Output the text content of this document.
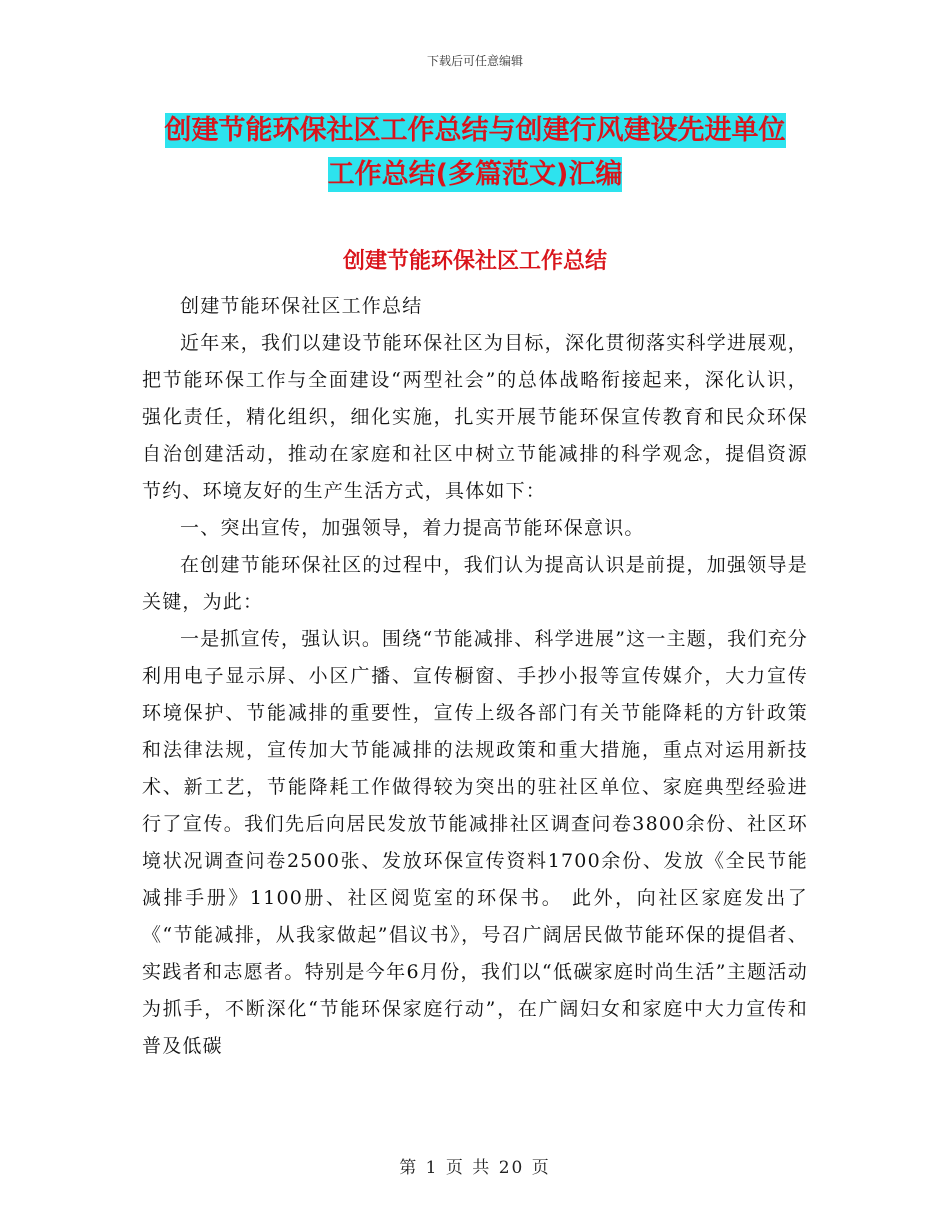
下载后可任意编辑
创建节能环保社区工作总结与创建行风建设先进单位
工作总结(多篇范文)汇编
创建节能环保社区工作总结

创建节能环保社区工作总结

近年来，我们以建设节能环保社区为目标，深化贯彻落实科学进展观，把节能环保工作与全面建设“两型社会”的总体战略衔接起来，深化认识，强化责任，精化组织，细化实施，扎实开展节能环保宣传教育和民众环保自治创建活动，推动在家庭和社区中树立节能减排的科学观念，提倡资源节约、环境友好的生产生活方式，具体如下：

一、突出宣传，加强领导，着力提高节能环保意识。

在创建节能环保社区的过程中，我们认为提高认识是前提，加强领导是关键，为此：

一是抓宣传，强认识。围绕“节能减排、科学进展”这一主题，我们充分利用电子显示屏、小区广播、宣传橱窗、手抄小报等宣传媒介，大力宣传环境保护、节能减排的重要性，宣传上级各部门有关节能降耗的方针政策和法律法规，宣传加大节能减排的法规政策和重大措施，重点对运用新技术、新工艺，节能降耗工作做得较为突出的驻社区单位、家庭典型经验进行了宣传。我们先后向居民发放节能减排社区调查问卷3800余份、社区环境状况调查问卷2500张、发放环保宣传资料1700余份、发放《全民节能减排手册》1100册、社区阅览室的环保书。 此外，向社区家庭发出了《“节能减排，从我家做起”倡议书》，号召广阔居民做节能环保的提倡者、实践者和志愿者。特别是今年6月份，我们以“低碳家庭时尚生活”主题活动为抓手，不断深化“节能环保家庭行动”，在广阔妇女和家庭中大力宣传和普及低碳

第 1 页 共 20 页
